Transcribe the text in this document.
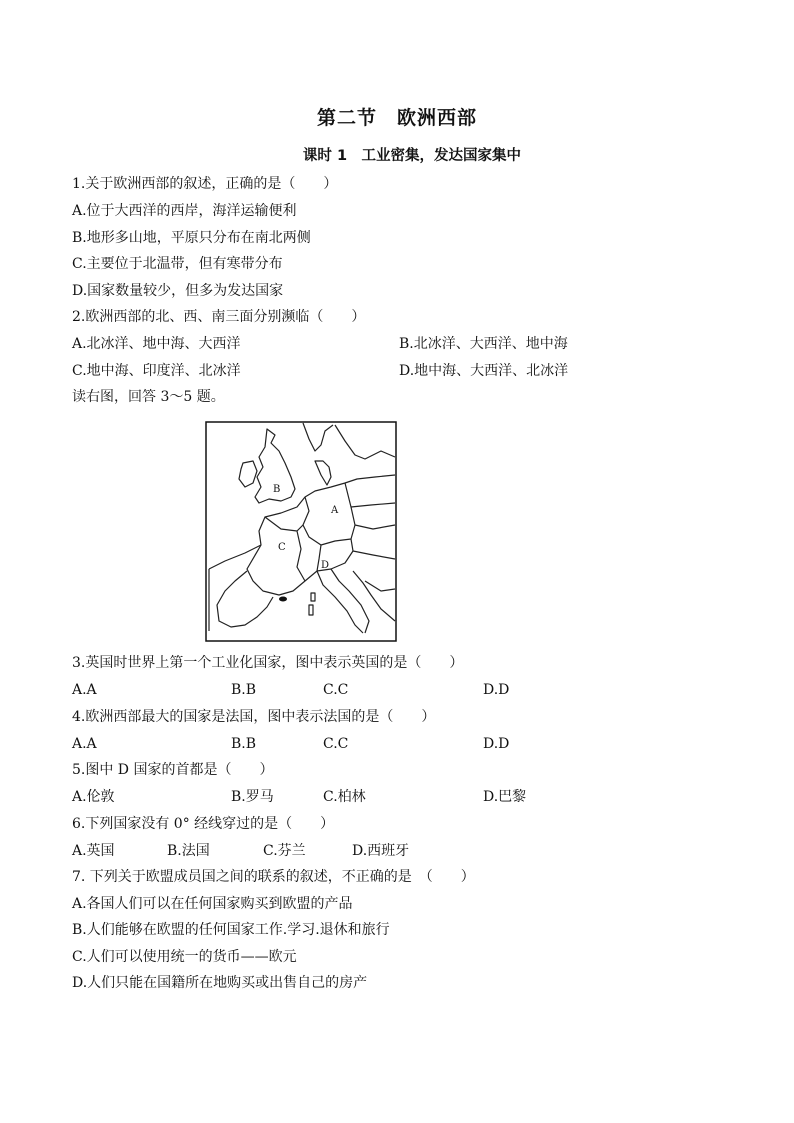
第二节　欧洲西部
课时 1　工业密集，发达国家集中
1.关于欧洲西部的叙述，正确的是（　　）
A.位于大西洋的西岸，海洋运输便利
B.地形多山地，平原只分布在南北两侧
C.主要位于北温带，但有寒带分布
D.国家数量较少，但多为发达国家
2.欧洲西部的北、西、南三面分别濒临（　　）
A.北冰洋、地中海、大西洋	B.北冰洋、大西洋、地中海
C.地中海、印度洋、北冰洋	D.地中海、大西洋、北冰洋
读右图，回答 3～5 题。
B
A
C
D
3.英国时世界上第一个工业化国家，图中表示英国的是（　　）
A.A	B.B	C.C	D.D
4.欧洲西部最大的国家是法国，图中表示法国的是（　　）
A.A	B.B	C.C	D.D
5.图中 D 国家的首都是（　　）
A.伦敦	B.罗马	C.柏林	D.巴黎
6.下列国家没有 0° 经线穿过的是（　　）
A.英国	B.法国	C.芬兰	D.西班牙
7. 下列关于欧盟成员国之间的联系的叙述，不正确的是　（　　）
A.各国人们可以在任何国家购买到欧盟的产品
B.人们能够在欧盟的任何国家工作.学习.退休和旅行
C.人们可以使用统一的货币——欧元
D.人们只能在国籍所在地购买或出售自己的房产
